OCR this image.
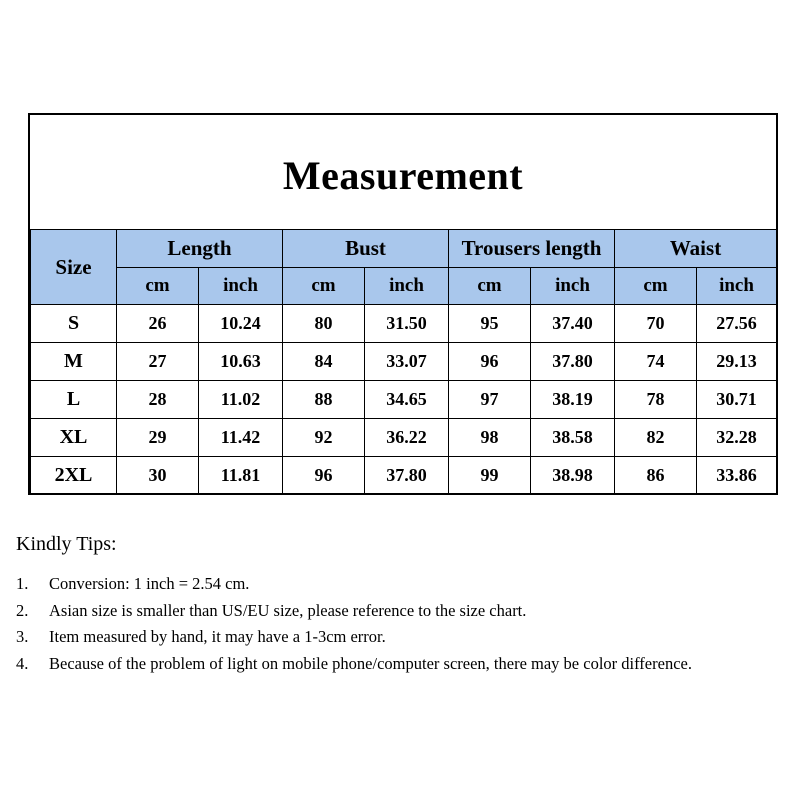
Measurement
Size	Length		Bust		Trousers length		Waist	
	cm	inch	cm	inch	cm	inch	cm	inch
S	26	10.24	80	31.50	95	37.40	70	27.56
M	27	10.63	84	33.07	96	37.80	74	29.13
L	28	11.02	88	34.65	97	38.19	78	30.71
XL	29	11.42	92	36.22	98	38.58	82	32.28
2XL	30	11.81	96	37.80	99	38.98	86	33.86
Kindly Tips:
1.	Conversion: 1 inch = 2.54 cm.
2.	Asian size is smaller than US/EU size, please reference to the size chart.
3.	Item measured by hand, it may have a 1-3cm error.
4.	Because of the problem of light on mobile phone/computer screen, there may be color difference.
